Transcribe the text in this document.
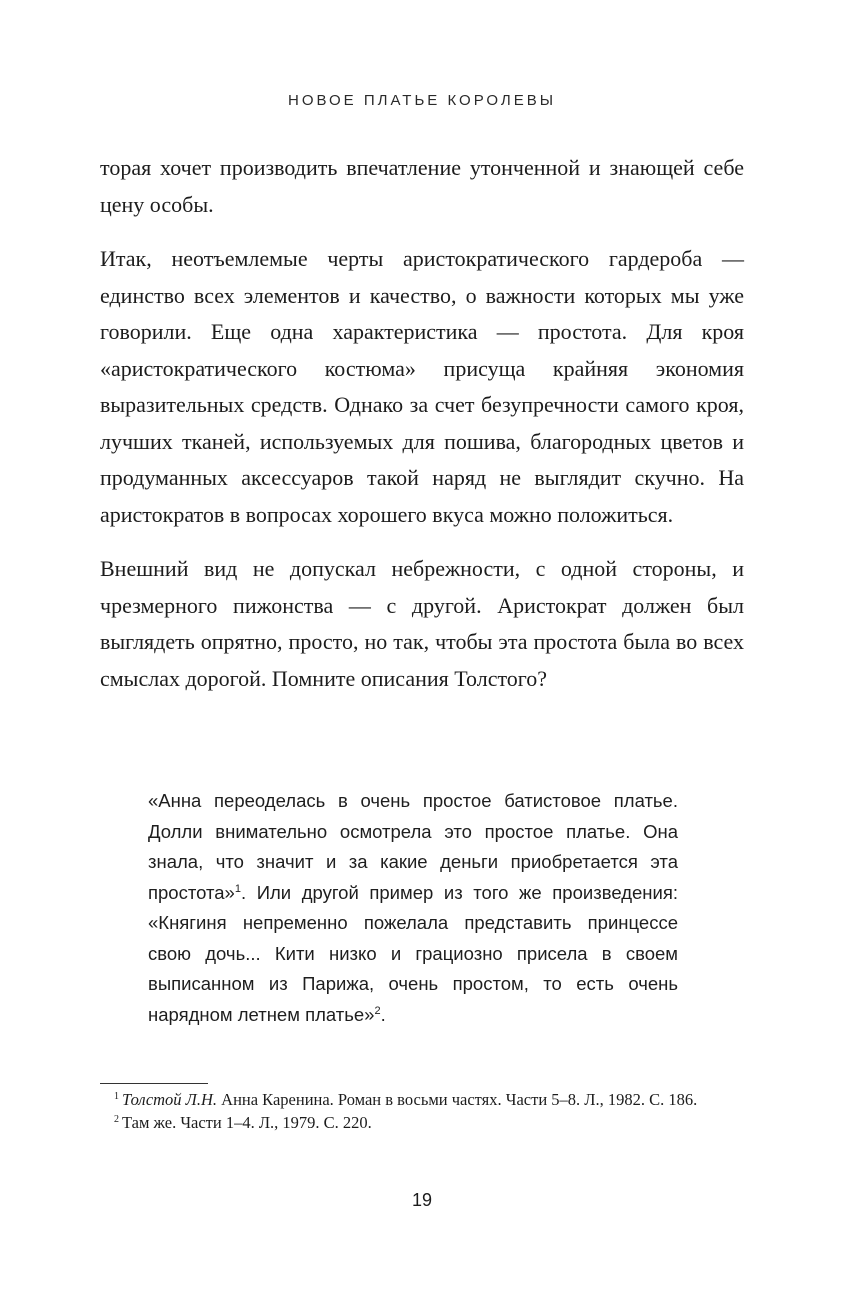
НОВОЕ ПЛАТЬЕ КОРОЛЕВЫ

торая хочет производить впечатление утонченной и знающей себе цену особы.

Итак, неотъемлемые черты аристократического гардероба — единство всех элементов и качество, о важности которых мы уже говорили. Еще одна характеристика — простота. Для кроя «аристократического костюма» присуща крайняя экономия выразительных средств. Однако за счет безупречности самого кроя, лучших тканей, используемых для пошива, благородных цветов и продуманных аксессуаров такой наряд не выглядит скучно. На аристократов в вопросах хорошего вкуса можно положиться.

Внешний вид не допускал небрежности, с одной стороны, и чрезмерного пижонства — с другой. Аристократ должен был выглядеть опрятно, просто, но так, чтобы эта простота была во всех смыслах дорогой. Помните описания Толстого?

«Анна переоделась в очень простое батистовое платье. Долли внимательно осмотрела это простое платье. Она знала, что значит и за какие деньги приобретается эта простота»$^1$. Или другой пример из того же произведения: «Княгиня непременно пожелала представить принцессе свою дочь... Кити низко и грациозно присела в своем выписанном из Парижа, очень простом, то есть очень нарядном летнем платье»$^2$.

$^1$ Толстой Л.Н. Анна Каренина. Роман в восьми частях. Части 5–8. Л., 1982. С. 186.

$^2$ Там же. Части 1–4. Л., 1979. С. 220.

19
